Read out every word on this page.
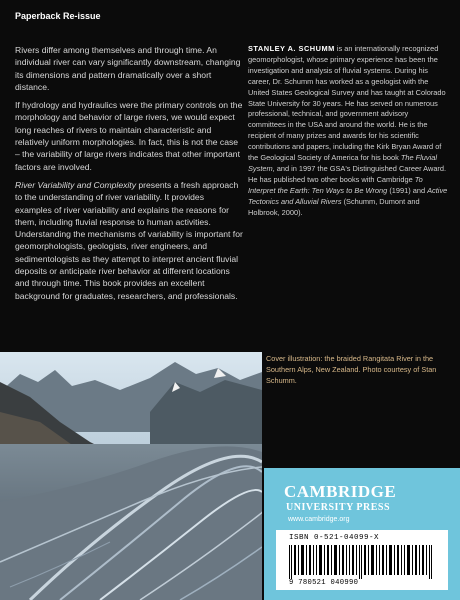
Paperback Re-issue

Rivers differ among themselves and through time. An individual river can vary significantly downstream, changing its dimensions and pattern dramatically over a short distance.

If hydrology and hydraulics were the primary controls on the morphology and behavior of large rivers, we would expect long reaches of rivers to maintain characteristic and relatively uniform morphologies. In fact, this is not the case – the variability of large rivers indicates that other important factors are involved.

River Variability and Complexity presents a fresh approach to the understanding of river variability. It provides examples of river variability and explains the reasons for them, including fluvial response to human activities. Understanding the mechanisms of variability is important for geomorphologists, geologists, river engineers, and sedimentologists as they attempt to interpret ancient fluvial deposits or anticipate river behavior at different locations and through time. This book provides an excellent background for graduates, researchers, and professionals.

STANLEY A. SCHUMM is an internationally recognized geomorphologist, whose primary experience has been the investigation and analysis of fluvial systems. During his career, Dr. Schumm has worked as a geologist with the United States Geological Survey and has taught at Colorado State University for 30 years. He has served on numerous professional, technical, and government advisory committees in the USA and around the world. He is the recipient of many prizes and awards for his scientific contributions and papers, including the Kirk Bryan Award of the Geological Society of America for his book The Fluvial System, and in 1997 the GSA's Distinguished Career Award. He has published two other books with Cambridge To Interpret the Earth: Ten Ways to Be Wrong (1991) and Active Tectonics and Alluvial Rivers (Schumm, Dumont and Holbrook, 2000).
Cover illustration: the braided Rangitata River in the Southern Alps, New Zealand. Photo courtesy of Stan Schumm.
CAMBRIDGE
UNIVERSITY PRESS
www.cambridge.org
ISBN 0-521-04099-X
9 780521 040990
